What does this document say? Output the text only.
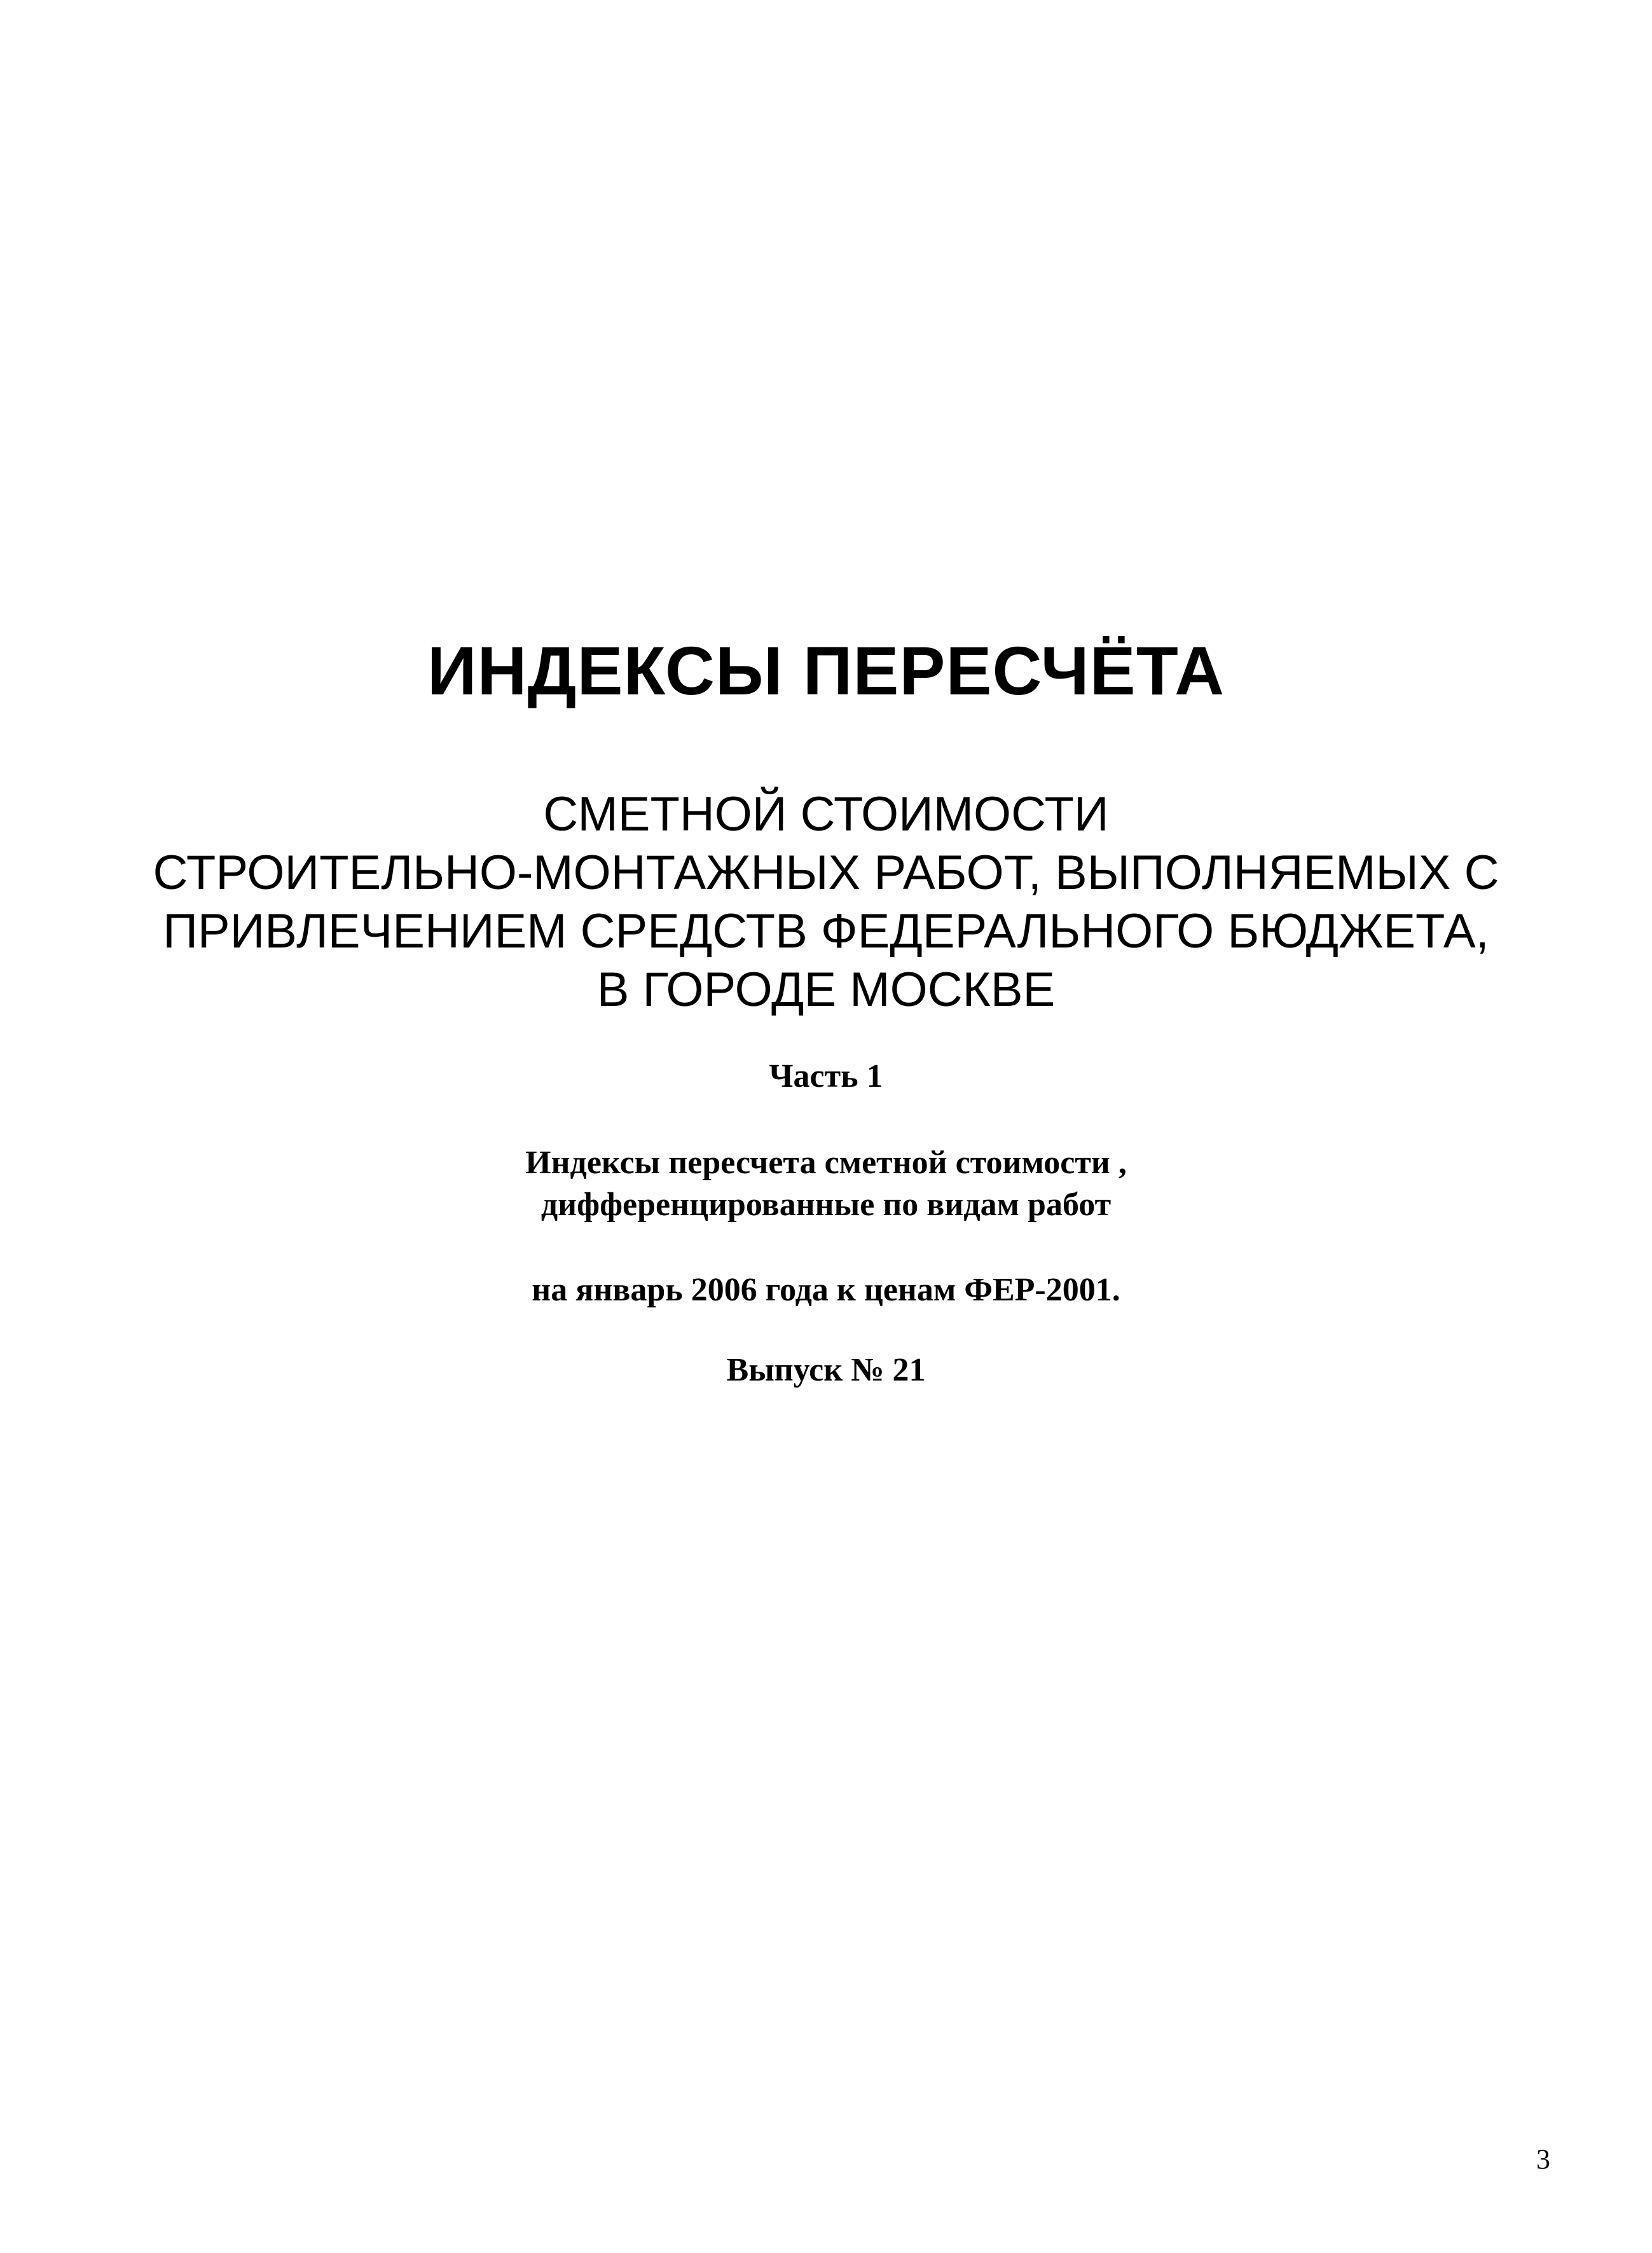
ИНДЕКСЫ ПЕРЕСЧЁТА
СМЕТНОЙ СТОИМОСТИ
СТРОИТЕЛЬНО-МОНТАЖНЫХ РАБОТ, ВЫПОЛНЯЕМЫХ С
ПРИВЛЕЧЕНИЕМ СРЕДСТВ ФЕДЕРАЛЬНОГО БЮДЖЕТА,
В ГОРОДЕ МОСКВЕ
Часть 1
Индексы пересчета сметной стоимости ,
дифференцированные по видам работ
на январь 2006 года к ценам ФЕР-2001.
Выпуск № 21
3
